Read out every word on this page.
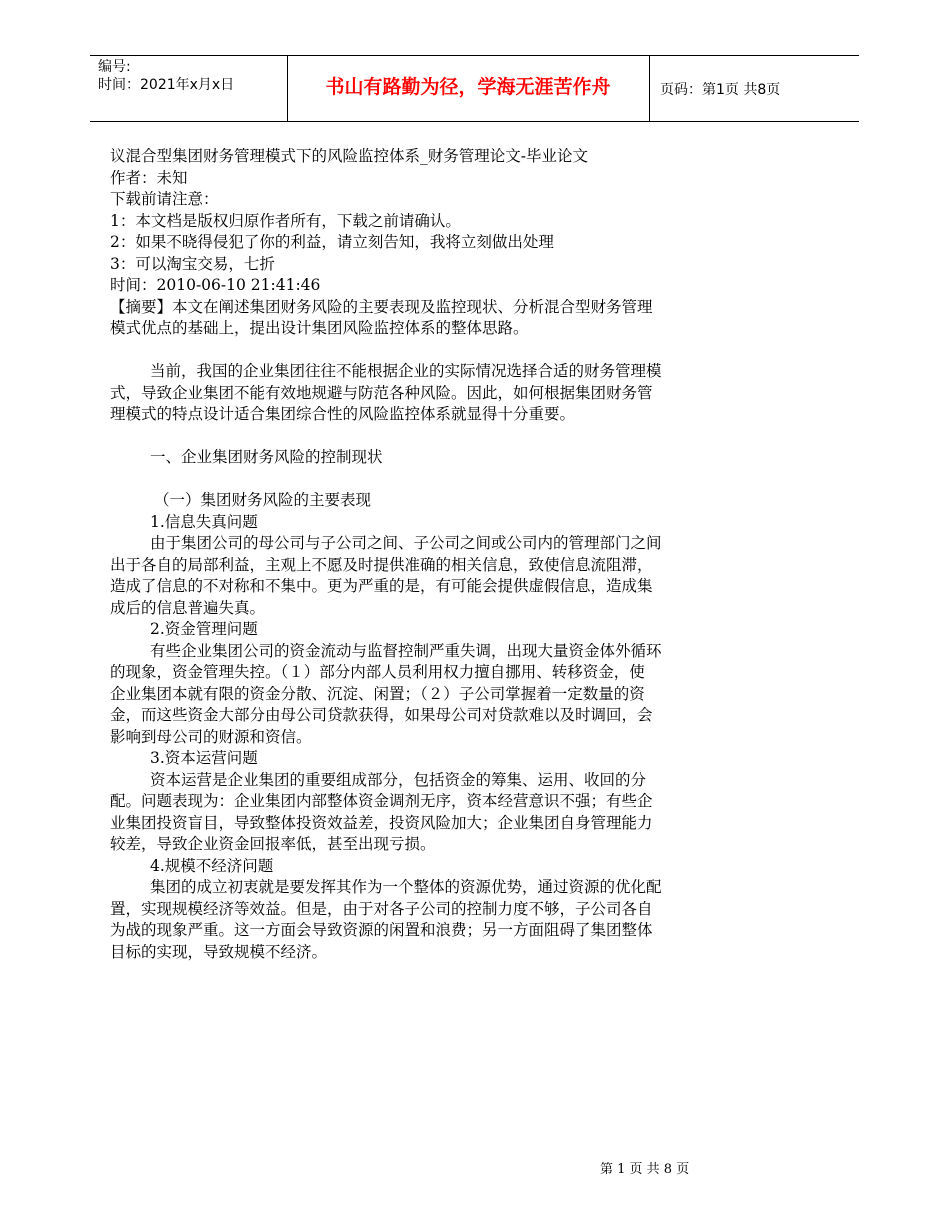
编号:
时间：2021年x月x日	书山有路勤为径，学海无涯苦作舟	页码：第1页 共8页
议混合型集团财务管理模式下的风险监控体系_财务管理论文-毕业论文
作者：未知
下载前请注意：
1：本文档是版权归原作者所有，下载之前请确认。
2：如果不晓得侵犯了你的利益，请立刻告知，我将立刻做出处理
3：可以淘宝交易，七折
时间：2010-06-10 21:41:46
【摘要】本文在阐述集团财务风险的主要表现及监控现状、分析混合型财务管理
模式优点的基础上，提出设计集团风险监控体系的整体思路。
当前，我国的企业集团往往不能根据企业的实际情况选择合适的财务管理模
式，导致企业集团不能有效地规避与防范各种风险。因此，如何根据集团财务管
理模式的特点设计适合集团综合性的风险监控体系就显得十分重要。
一、企业集团财务风险的控制现状
（一）集团财务风险的主要表现
1.信息失真问题
由于集团公司的母公司与子公司之间、子公司之间或公司内的管理部门之间
出于各自的局部利益，主观上不愿及时提供准确的相关信息，致使信息流阻滞，
造成了信息的不对称和不集中。更为严重的是，有可能会提供虚假信息，造成集
成后的信息普遍失真。
2.资金管理问题
有些企业集团公司的资金流动与监督控制严重失调，出现大量资金体外循环
的现象，资金管理失控。（１）部分内部人员利用权力擅自挪用、转移资金，使
企业集团本就有限的资金分散、沉淀、闲置；（２）子公司掌握着一定数量的资
金，而这些资金大部分由母公司贷款获得，如果母公司对贷款难以及时调回，会
影响到母公司的财源和资信。
3.资本运营问题
资本运营是企业集团的重要组成部分，包括资金的筹集、运用、收回的分
配。问题表现为：企业集团内部整体资金调剂无序，资本经营意识不强；有些企
业集团投资盲目，导致整体投资效益差，投资风险加大；企业集团自身管理能力
较差，导致企业资金回报率低，甚至出现亏损。
4.规模不经济问题
集团的成立初衷就是要发挥其作为一个整体的资源优势，通过资源的优化配
置，实现规模经济等效益。但是，由于对各子公司的控制力度不够，子公司各自
为战的现象严重。这一方面会导致资源的闲置和浪费；另一方面阻碍了集团整体
目标的实现，导致规模不经济。
第 1 页 共 8 页
